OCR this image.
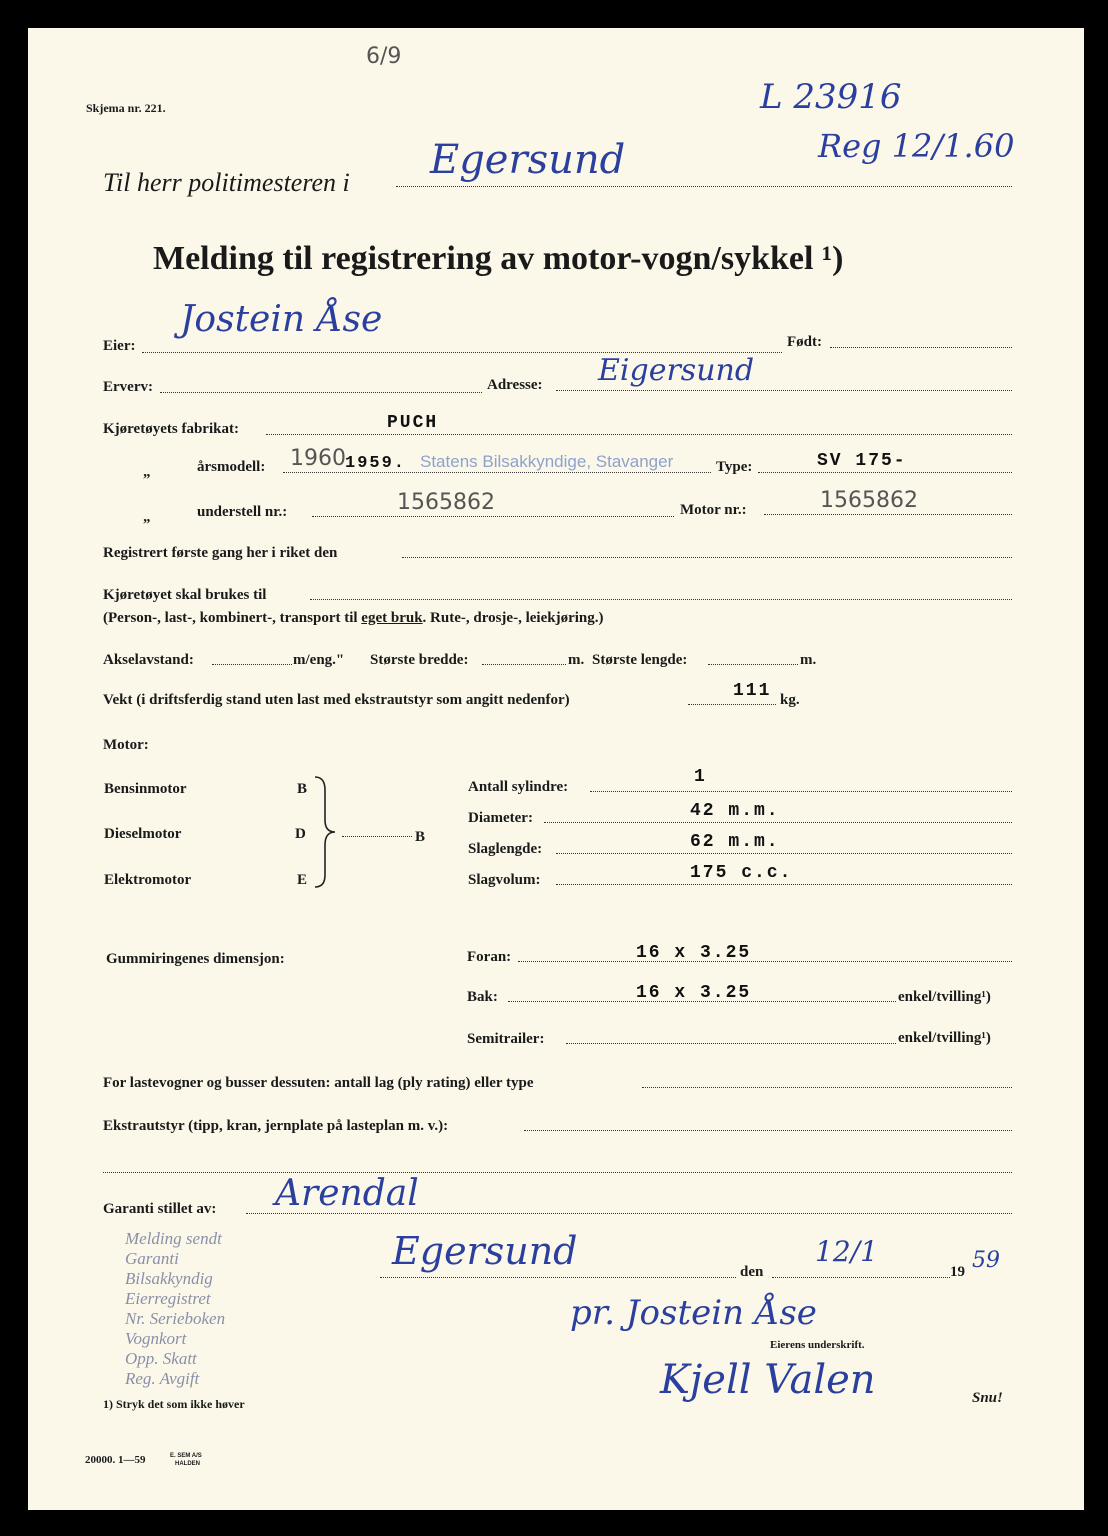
6/9
Skjema nr. 221.	L 23916
Reg 12/1.60
Til herr politimesteren i Egersund
Melding til registrering av motor-vogn/sykkel ¹)
Eier:
Jostein Åse
Født:
Erverv:	Adresse: Eigersund
Kjøretøyets fabrikat:	PUCH
„	årsmodell: 1960 1959. Statens Bilsakkyndige, Stavanger	Type:	SV 175-
„	understell nr.:	1565862	Motor nr.:	1565862
Registrert første gang her i riket den
Kjøretøyet skal brukes til
(Person-, last-, kombinert-, transport til eget bruk. Rute-, drosje-, leiekjøring.)
Akselavstand:	m/eng." Største bredde:	m. Største lengde:	m.
Vekt (i driftsferdig stand uten last med ekstrautstyr som angitt nedenfor)	111 kg.
Motor:
Bensinmotor	B
Dieselmotor	D
Elektromotor	E
B
Antall sylindre:	1
Diameter:	42 m.m.
Slaglengde:	62 m.m.
Slagvolum:	175 c.c.
Gummiringenes dimensjon:	Foran:	16 x 3.25
Bak:	16 x 3.25	enkel/tvilling¹)
Semitrailer:	enkel/tvilling¹)
For lastevogner og busser dessuten: antall lag (ply rating) eller type
Ekstrautstyr (tipp, kran, jernplate på lasteplan m. v.):
Garanti stillet av: Arendal
Melding sendt
Garanti
Bilsakkyndig
Eierregistret
Nr. Serieboken
Vognkort
Opp. Skatt
Reg. Avgift
Egersund	den
12/1
19 59
pr. Jostein Åse
Eierens underskrift.
Kjell Valen	Snu!
1) Stryk det som ikke høver
20000. 1—59	E. SEM A/S
HALDEN
